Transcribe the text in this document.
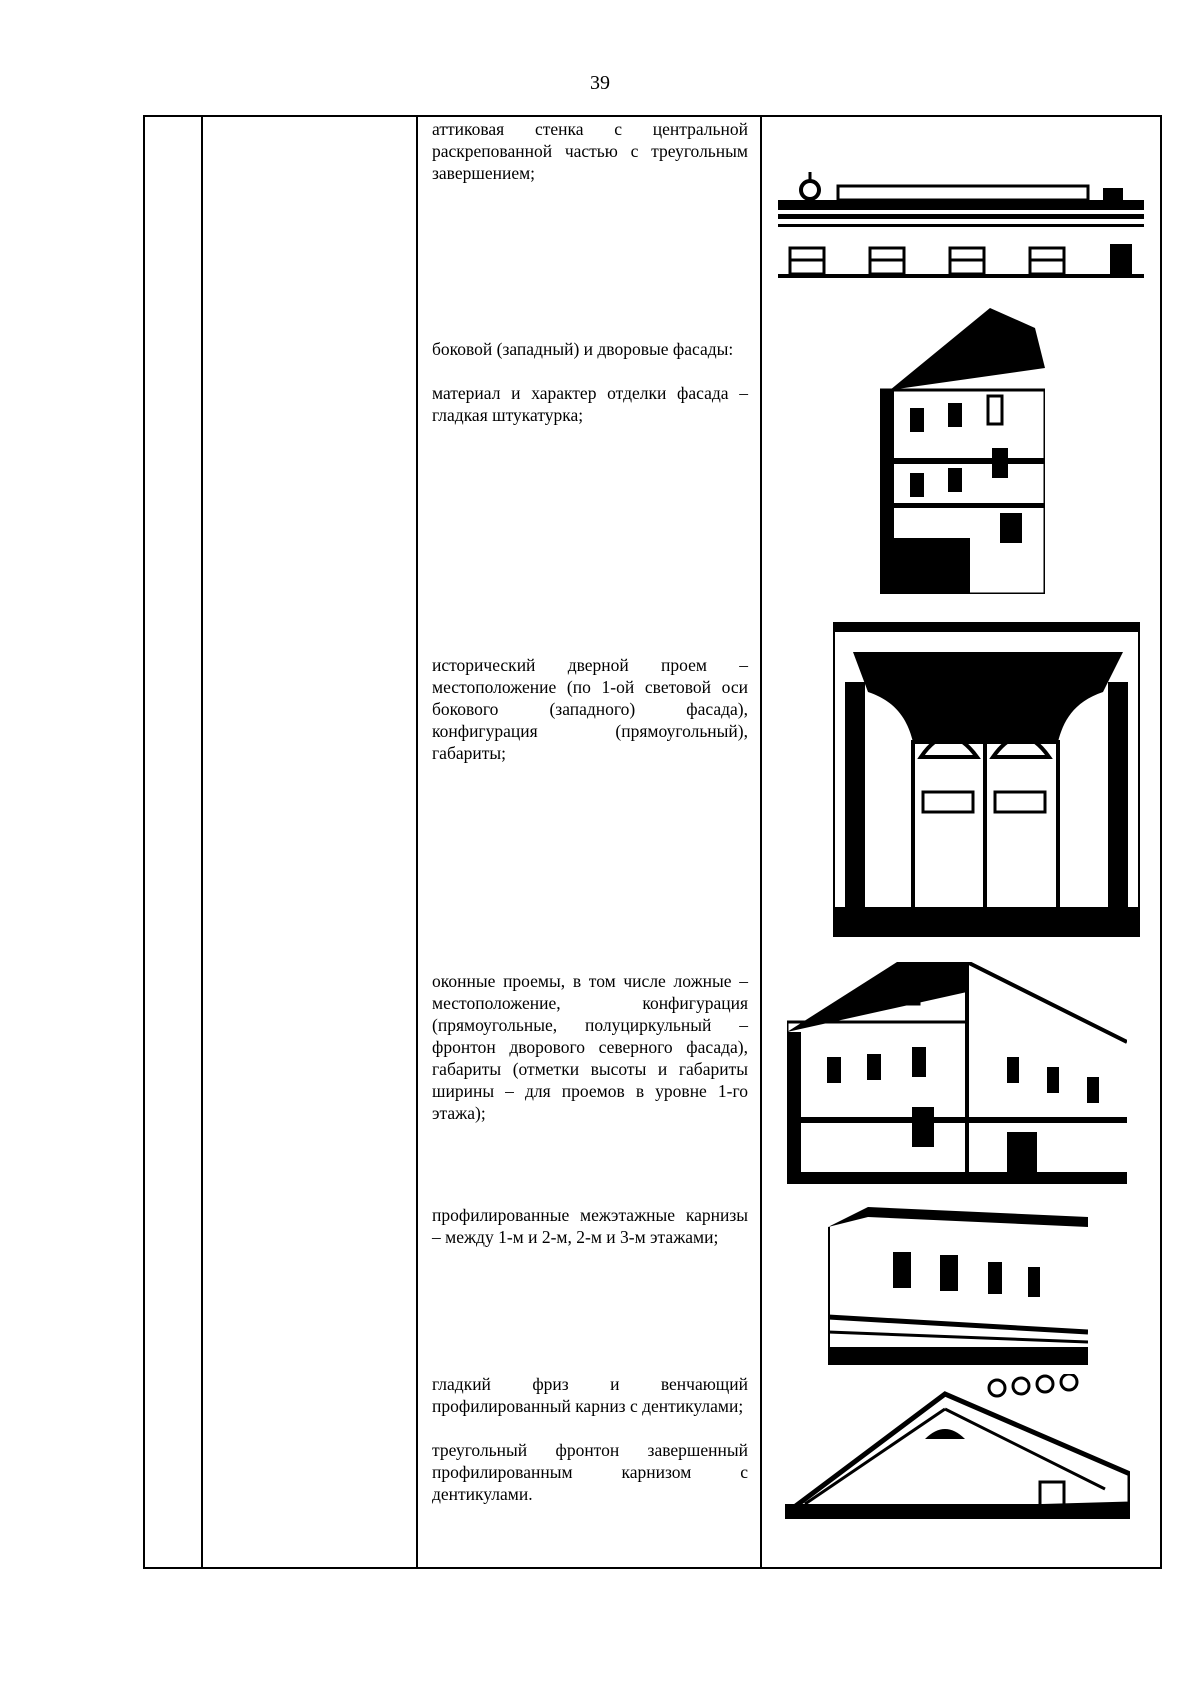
39

аттиковая стенка с центральной раскрепованной частью с треугольным завершением;

боковой (западный) и дворовые фасады:

материал и характер отделки фасада – гладкая штукатурка;

исторический дверной проем – местоположение (по 1-ой световой оси бокового (западного) фасада), конфигурация (прямоугольный), габариты;

оконные проемы, в том числе ложные – местоположение, конфигурация (прямоугольные, полуциркульный – фронтон дворового северного фасада), габариты (отметки высоты и габариты ширины – для проемов в уровне 1-го этажа);

профилированные межэтажные карнизы – между 1-м и 2-м, 2-м и 3-м этажами;

гладкий фриз и венчающий профилированный карниз с дентикулами;

треугольный фронтон завершенный профилированным карнизом с дентикулами.
